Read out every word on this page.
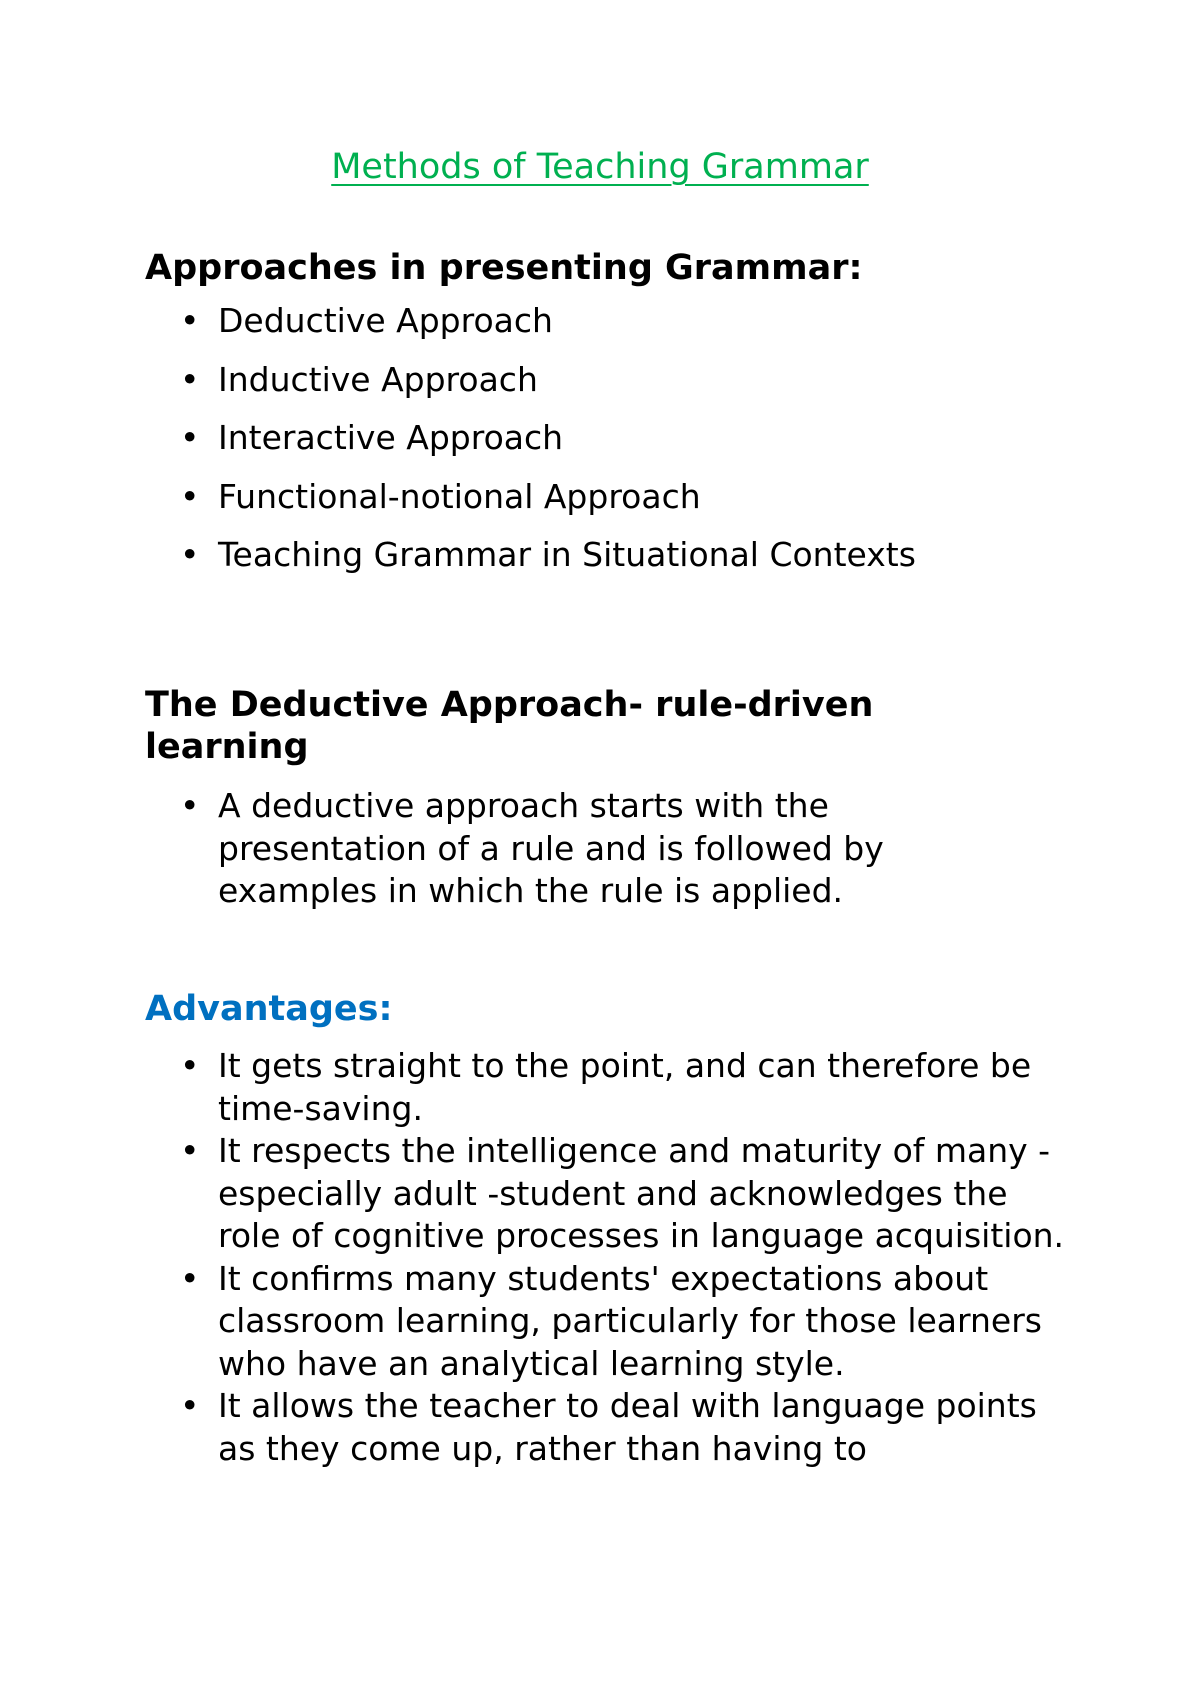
Methods of Teaching Grammar
Approaches in presenting Grammar:
• Deductive Approach
• Inductive Approach
• Interactive Approach
• Functional-notional Approach
• Teaching Grammar in Situational Contexts
The Deductive Approach- rule-driven
learning
• A deductive approach starts with the presentation of a rule and is followed by examples in which the rule is applied.
Advantages:
• It gets straight to the point, and can therefore be time-saving.
• It respects the intelligence and maturity of many - especially adult -student and acknowledges the role of cognitive processes in language acquisition.
• It confirms many students' expectations about classroom learning, particularly for those learners who have an analytical learning style.
• It allows the teacher to deal with language points as they come up, rather than having to
